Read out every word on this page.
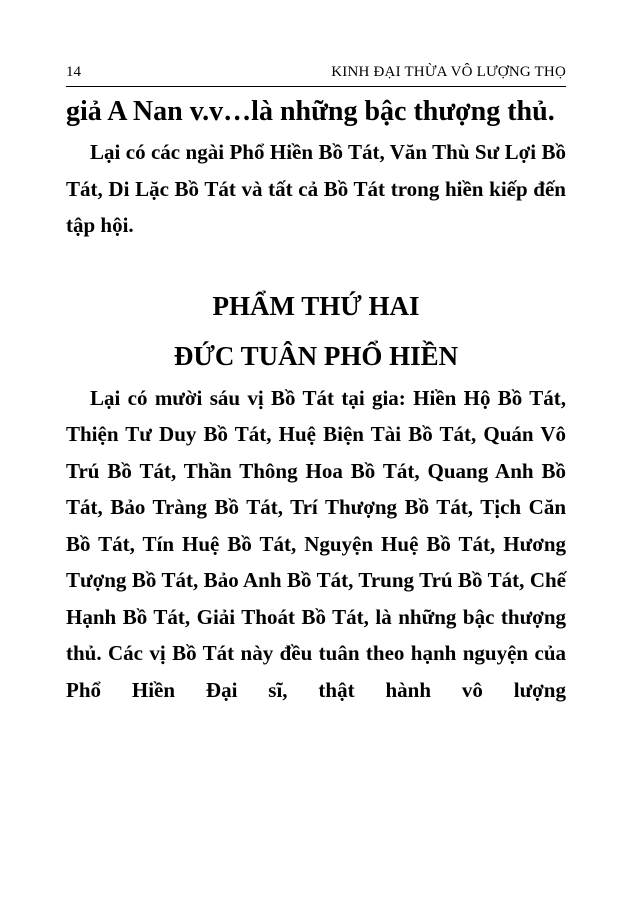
14	KINH ĐẠI THỪA VÔ LƯỢNG THỌ

giả A Nan v.v…là những bậc thượng thủ.

Lại có các ngài Phổ Hiền Bồ Tát, Văn Thù Sư Lợi Bồ Tát, Di Lặc Bồ Tát và tất cả Bồ Tát trong hiền kiếp đến tập hội.

PHẨM THỨ HAI
ĐỨC TUÂN PHỔ HIỀN

Lại có mười sáu vị Bồ Tát tại gia: Hiền Hộ Bồ Tát, Thiện Tư Duy Bồ Tát, Huệ Biện Tài Bồ Tát, Quán Vô Trú Bồ Tát, Thần Thông Hoa Bồ Tát, Quang Anh Bồ Tát, Bảo Tràng Bồ Tát, Trí Thượng Bồ Tát, Tịch Căn Bồ Tát, Tín Huệ Bồ Tát, Nguyện Huệ Bồ Tát, Hương Tượng Bồ Tát, Bảo Anh Bồ Tát, Trung Trú Bồ Tát, Chế Hạnh Bồ Tát, Giải Thoát Bồ Tát, là những bậc thượng thủ. Các vị Bồ Tát này đều tuân theo hạnh nguyện của Phổ Hiền Đại sĩ, thật hành vô lượng
